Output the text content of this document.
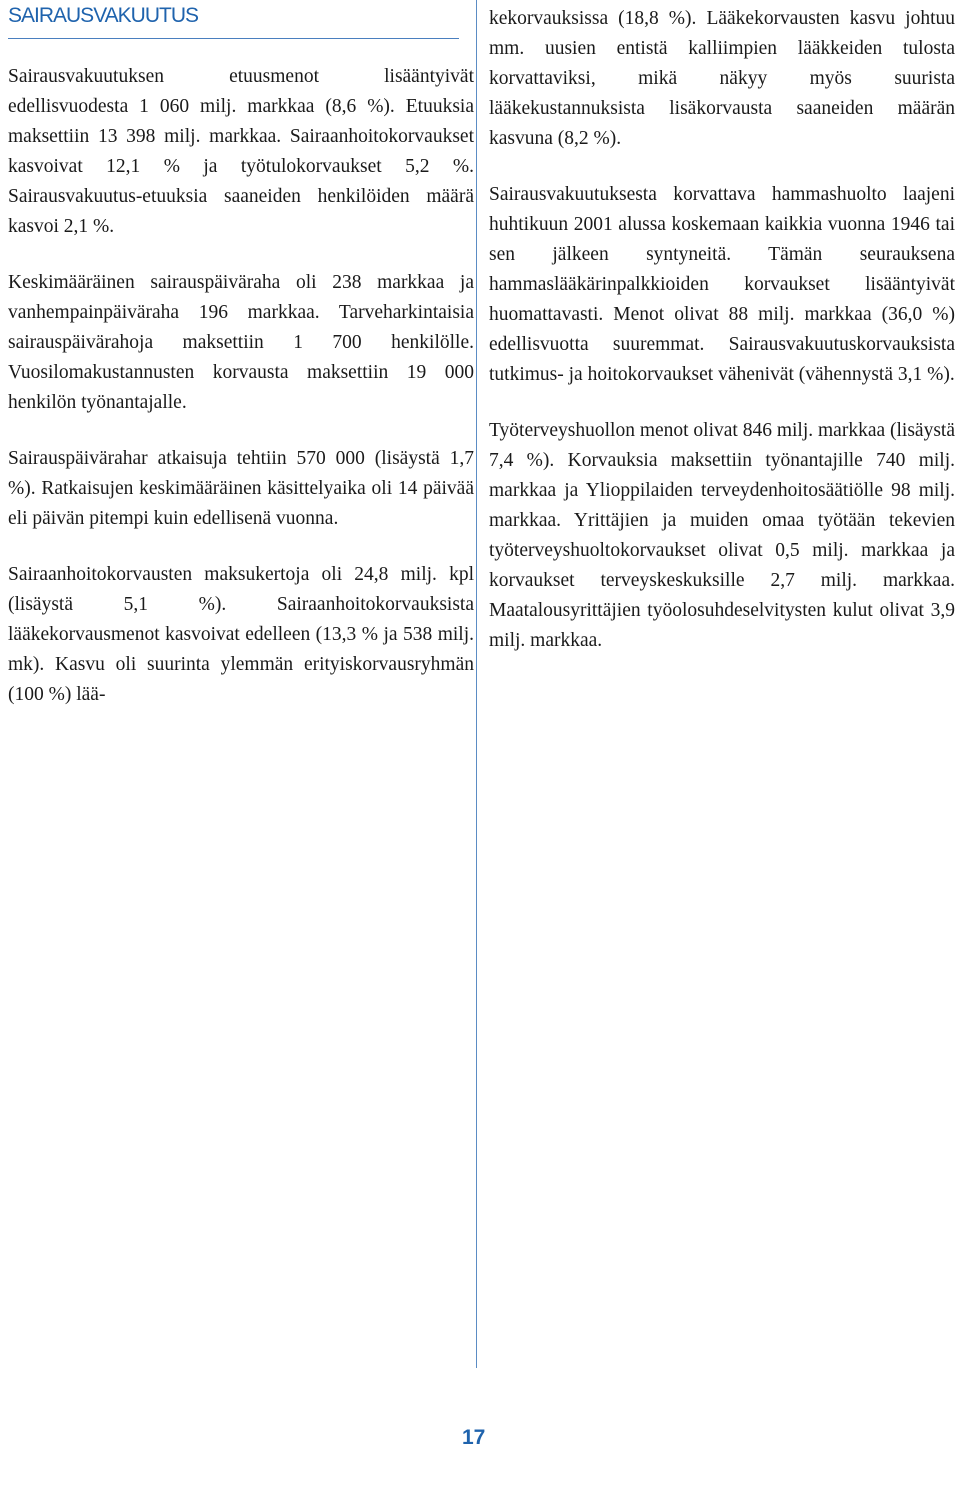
SAIRAUSVAKUUTUS

Sairausvakuutuksen etuusmenot lisääntyivät edellisvuodesta 1 060 milj. markkaa (8,6 %). Etuuksia maksettiin 13 398 milj. markkaa. Sairaanhoitokorvaukset kasvoivat 12,1 % ja työtulokorvaukset 5,2 %. Sairausvakuutus-etuuksia saaneiden henkilöiden määrä kasvoi 2,1 %.

Keskimääräinen sairauspäiväraha oli 238 markkaa ja vanhempainpäiväraha 196 markkaa. Tarveharkintaisia sairauspäivärahoja maksettiin 1 700 henkilölle. Vuosilomakustannusten korvausta maksettiin 19 000 henkilön työnantajalle.

Sairauspäivärahar atkaisuja tehtiin 570 000 (lisäystä 1,7 %). Ratkaisujen keskimääräinen käsittelyaika oli 14 päivää eli päivän pitempi kuin edellisenä vuonna.

Sairaanhoitokorvausten maksukertoja oli 24,8 milj. kpl (lisäystä 5,1 %). Sairaanhoitokorvauksista lääkekorvausmenot kasvoivat edelleen (13,3 % ja 538 milj. mk). Kasvu oli suurinta ylemmän erityiskorvausryhmän (100 %) lää-

kekorvauksissa (18,8 %). Lääkekorvausten kasvu johtuu mm. uusien entistä kalliimpien lääkkeiden tulosta korvattaviksi, mikä näkyy myös suurista lääkekustannuksista lisäkorvausta saaneiden määrän kasvuna (8,2 %).

Sairausvakuutuksesta korvattava hammashuolto laajeni huhtikuun 2001 alussa koskemaan kaikkia vuonna 1946 tai sen jälkeen syntyneitä. Tämän seurauksena hammaslääkärinpalkkioiden korvaukset lisääntyivät huomattavasti. Menot olivat 88 milj. markkaa (36,0 %) edellisvuotta suuremmat. Sairausvakuutuskorvauksista tutkimus- ja hoitokorvaukset vähenivät (vähennystä 3,1 %).

Työterveyshuollon menot olivat 846 milj. markkaa (lisäystä 7,4 %). Korvauksia maksettiin työnantajille 740 milj. markkaa ja Ylioppilaiden terveydenhoitosäätiölle 98 milj. markkaa. Yrittäjien ja muiden omaa työtään tekevien työterveyshuoltokorvaukset olivat 0,5 milj. markkaa ja korvaukset terveyskeskuksille 2,7 milj. markkaa. Maatalousyrittäjien työolosuhdeselvitysten kulut olivat 3,9 milj. markkaa.

17
